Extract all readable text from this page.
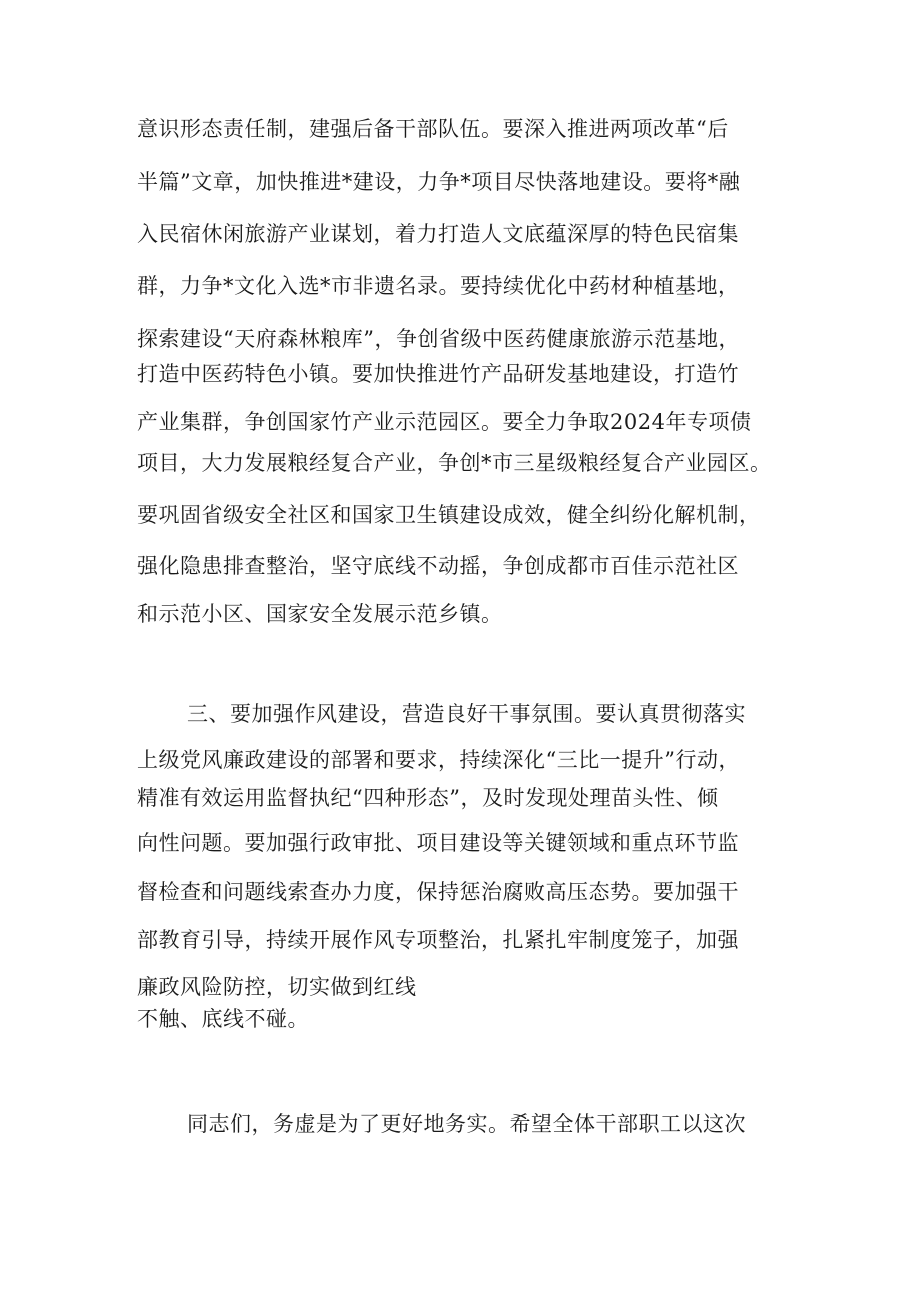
意识形态责任制，建强后备干部队伍。要深入推进两项改革“后
半篇”文章，加快推进*建设，力争*项目尽快落地建设。要将*融
入民宿休闲旅游产业谋划，着力打造人文底蕴深厚的特色民宿集
群，力争*文化入选*市非遗名录。要持续优化中药材种植基地，
探索建设“天府森林粮库”，争创省级中医药健康旅游示范基地，
打造中医药特色小镇。要加快推进竹产品研发基地建设，打造竹
产业集群，争创国家竹产业示范园区。要全力争取2024年专项债
项目，大力发展粮经复合产业，争创*市三星级粮经复合产业园区。
要巩固省级安全社区和国家卫生镇建设成效，健全纠纷化解机制，
强化隐患排查整治，坚守底线不动摇，争创成都市百佳示范社区
和示范小区、国家安全发展示范乡镇。
三、要加强作风建设，营造良好干事氛围。要认真贯彻落实
上级党风廉政建设的部署和要求，持续深化“三比一提升”行动，
精准有效运用监督执纪“四种形态”，及时发现处理苗头性、倾
向性问题。要加强行政审批、项目建设等关键领域和重点环节监
督检查和问题线索查办力度，保持惩治腐败高压态势。要加强干
部教育引导，持续开展作风专项整治，扎紧扎牢制度笼子，加强
廉政风险防控，切实做到红线
不触、底线不碰。
同志们，务虚是为了更好地务实。希望全体干部职工以这次
